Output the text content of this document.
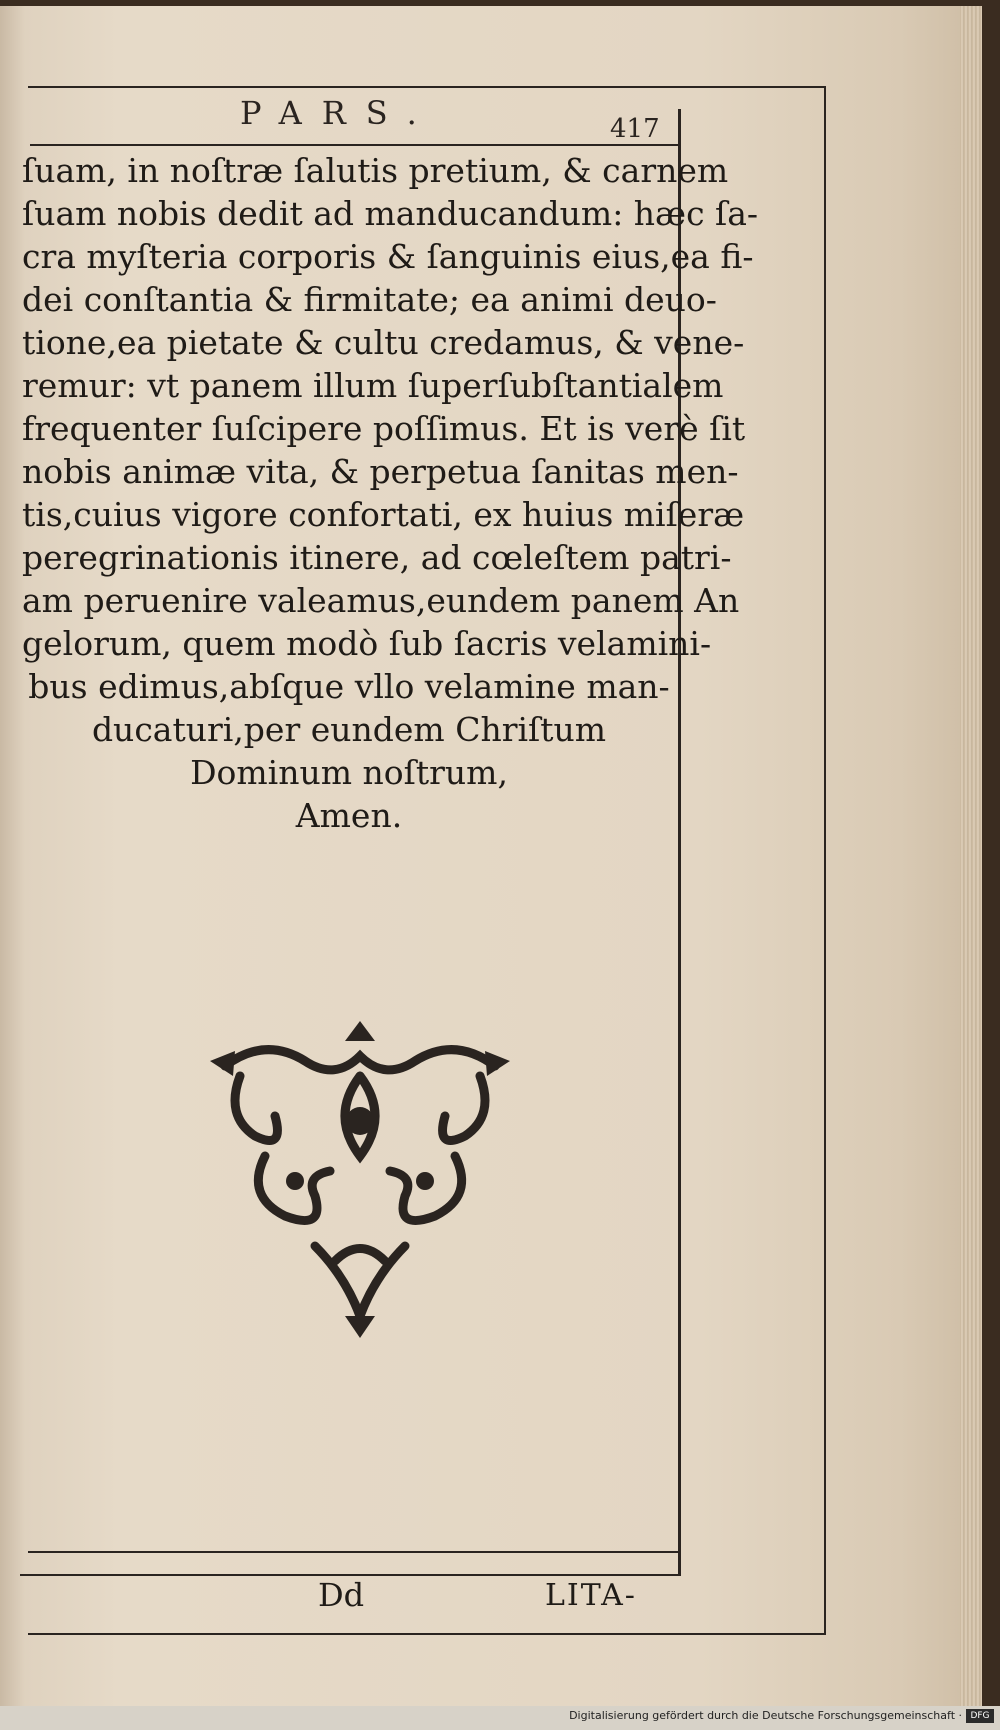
PARS.	417
ſuam, in noſtræ ſalutis pretium, & carnem
ſuam nobis dedit ad manducandum: hæc ſa-
cra myſteria corporis & ſanguinis eius,ea fi-
dei conſtantia & firmitate; ea animi deuo-
tione,ea pietate & cultu credamus, & vene-
remur: vt panem illum ſuperſubſtantialem
frequenter ſuſcipere poſſimus. Et is verè ſit
nobis animæ vita, & perpetua ſanitas men-
tis,cuius vigore confortati, ex huius miſeræ
peregrinationis itinere, ad cœleſtem patri-
am peruenire valeamus,eundem panem An
gelorum, quem modò ſub ſacris velamini-
bus edimus,abſque vllo velamine man-
ducaturi,per eundem Chriſtum
Dominum noſtrum,
Amen.
Dd	LITA-
Digitalisierung gefördert durch die Deutsche Forschungsgemeinschaft · DFG
